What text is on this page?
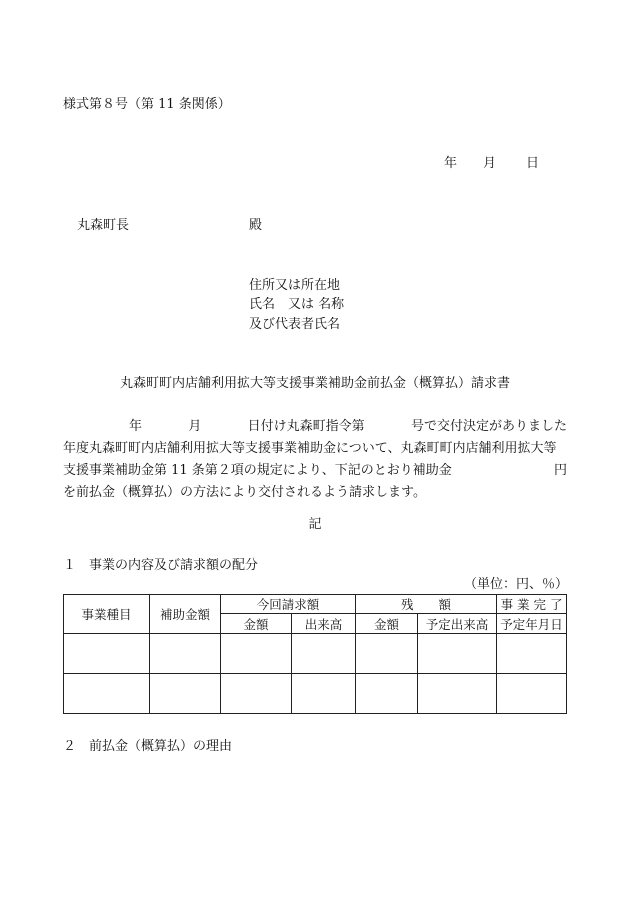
様式第８号（第 11 条関係）
年 月 日
丸森町長	殿
住所又は所在地
氏名　又は 名称
及び代表者氏名
丸森町町内店舗利用拡大等支援事業補助金前払金（概算払）請求書
年	月	日付け丸森町指令第	号で交付決定がありました
年度丸森町町内店舗利用拡大等支援事業補助金について、丸森町町内店舗利用拡大等
支援事業補助金第 11 条第２項の規定により、下記のとおり補助金	円
を前払金（概算払）の方法により交付されるよう請求します。
記
１　事業の内容及び請求額の配分
（単位：円、％）
事業種目	補助金額	今回請求額		残　　額		事 業 完 了
		金額	出来高	金額	予定出来高	予定年月日

２　前払金（概算払）の理由
